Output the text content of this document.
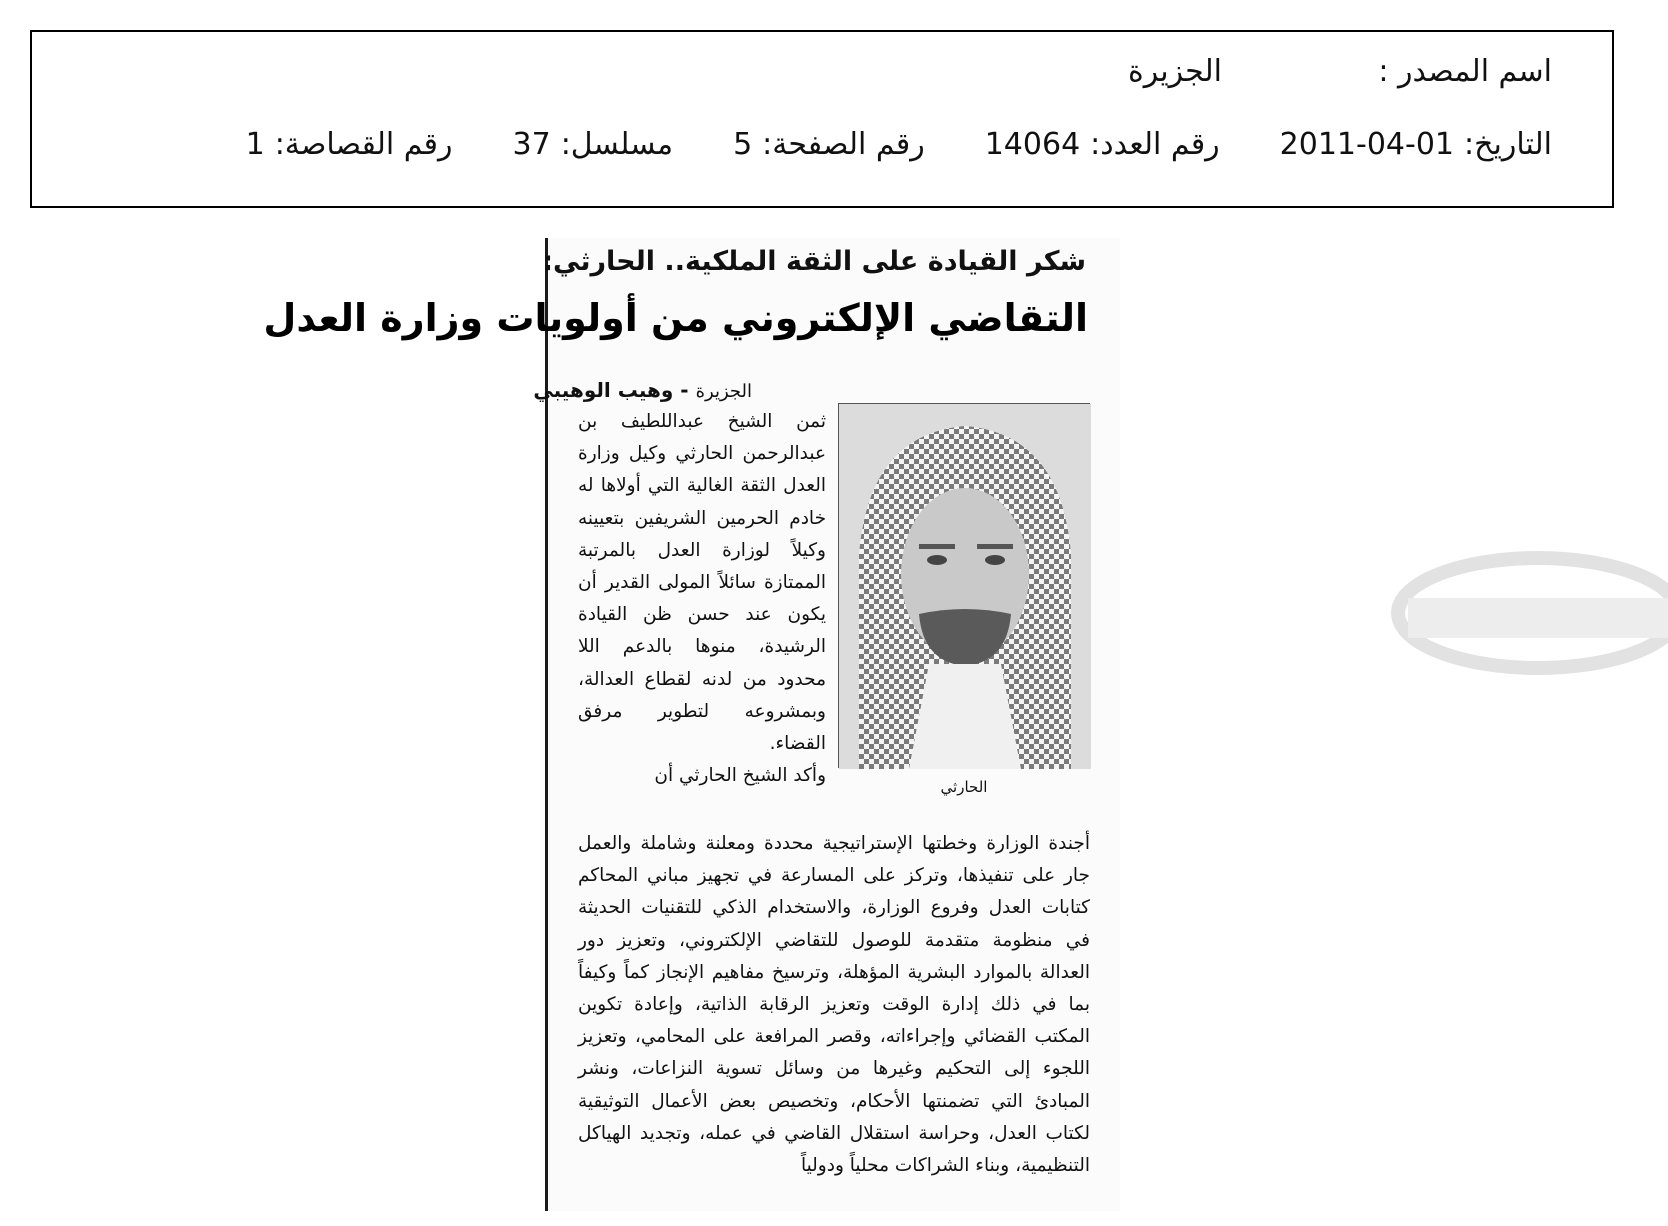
اسم المصدر :
الجزيرة
التاريخ:
2011-04-01
رقم العدد:
14064
رقم الصفحة:
5
مسلسل:
37
رقم القصاصة:
1
شكر القيادة على الثقة الملكية.. الحارثي:
التقاضي الإلكتروني من أولويات وزارة العدل
الجزيرة - وهيب الوهيبي
الحارثي

ثمن الشيخ عبداللطيف بن عبدالرحمن الحارثي وكيل وزارة العدل الثقة الغالية التي أولاها له خادم الحرمين الشريفين بتعيينه وكيلاً لوزارة العدل بالمرتبة الممتازة سائلاً المولى القدير أن يكون عند حسن ظن القيادة الرشيدة، منوها بالدعم اللا محدود من لدنه لقطاع العدالة، وبمشروعه لتطوير مرفق القضاء.

وأكد الشيخ الحارثي أن

أجندة الوزارة وخطتها الإستراتيجية محددة ومعلنة وشاملة والعمل جار على تنفيذها، وتركز على المسارعة في تجهيز مباني المحاكم كتابات العدل وفروع الوزارة، والاستخدام الذكي للتقنيات الحديثة في منظومة متقدمة للوصول للتقاضي الإلكتروني، وتعزيز دور العدالة بالموارد البشرية المؤهلة، وترسيخ مفاهيم الإنجاز كماً وكيفاً بما في ذلك إدارة الوقت وتعزيز الرقابة الذاتية، وإعادة تكوين المكتب القضائي وإجراءاته، وقصر المرافعة على المحامي، وتعزيز اللجوء إلى التحكيم وغيرها من وسائل تسوية النزاعات، ونشر المبادئ التي تضمنتها الأحكام، وتخصيص بعض الأعمال التوثيقية لكتاب العدل، وحراسة استقلال القاضي في عمله، وتجديد الهياكل التنظيمية، وبناء الشراكات محلياً ودولياً
